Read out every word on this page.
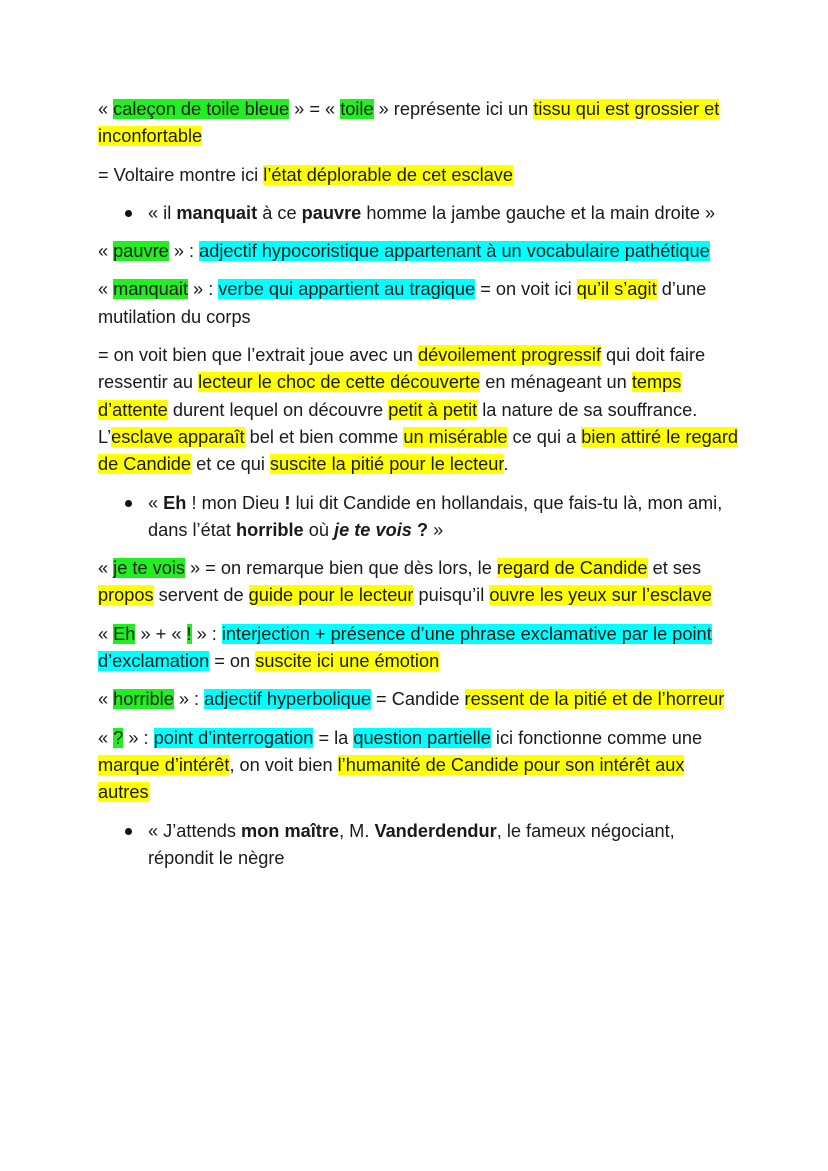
« caleçon de toile bleue » = « toile » représente ici un tissu qui est grossier et inconfortable

= Voltaire montre ici l’état déplorable de cet esclave

« il manquait à ce pauvre homme la jambe gauche et la main droite »

« pauvre » : adjectif hypocoristique appartenant à un vocabulaire pathétique

« manquait » : verbe qui appartient au tragique = on voit ici qu’il s’agit d’une mutilation du corps

= on voit bien que l’extrait joue avec un dévoilement progressif qui doit faire ressentir au lecteur le choc de cette découverte en ménageant un temps d’attente durent lequel on découvre petit à petit la nature de sa souffrance. L’esclave apparaît bel et bien comme un misérable ce qui a bien attiré le regard de Candide et ce qui suscite la pitié pour le lecteur.

« Eh ! mon Dieu ! lui dit Candide en hollandais, que fais-tu là, mon ami, dans l’état horrible où je te vois ? »

« je te vois » = on remarque bien que dès lors, le regard de Candide et ses propos servent de guide pour le lecteur puisqu’il ouvre les yeux sur l’esclave

« Eh » + « ! » : interjection + présence d’une phrase exclamative par le point d’exclamation = on suscite ici une émotion

« horrible » : adjectif hyperbolique = Candide ressent de la pitié et de l’horreur

« ? » : point d’interrogation = la question partielle ici fonctionne comme une marque d’intérêt, on voit bien l’humanité de Candide pour son intérêt aux autres

« J’attends mon maître, M. Vanderdendur, le fameux négociant, répondit le nègre
